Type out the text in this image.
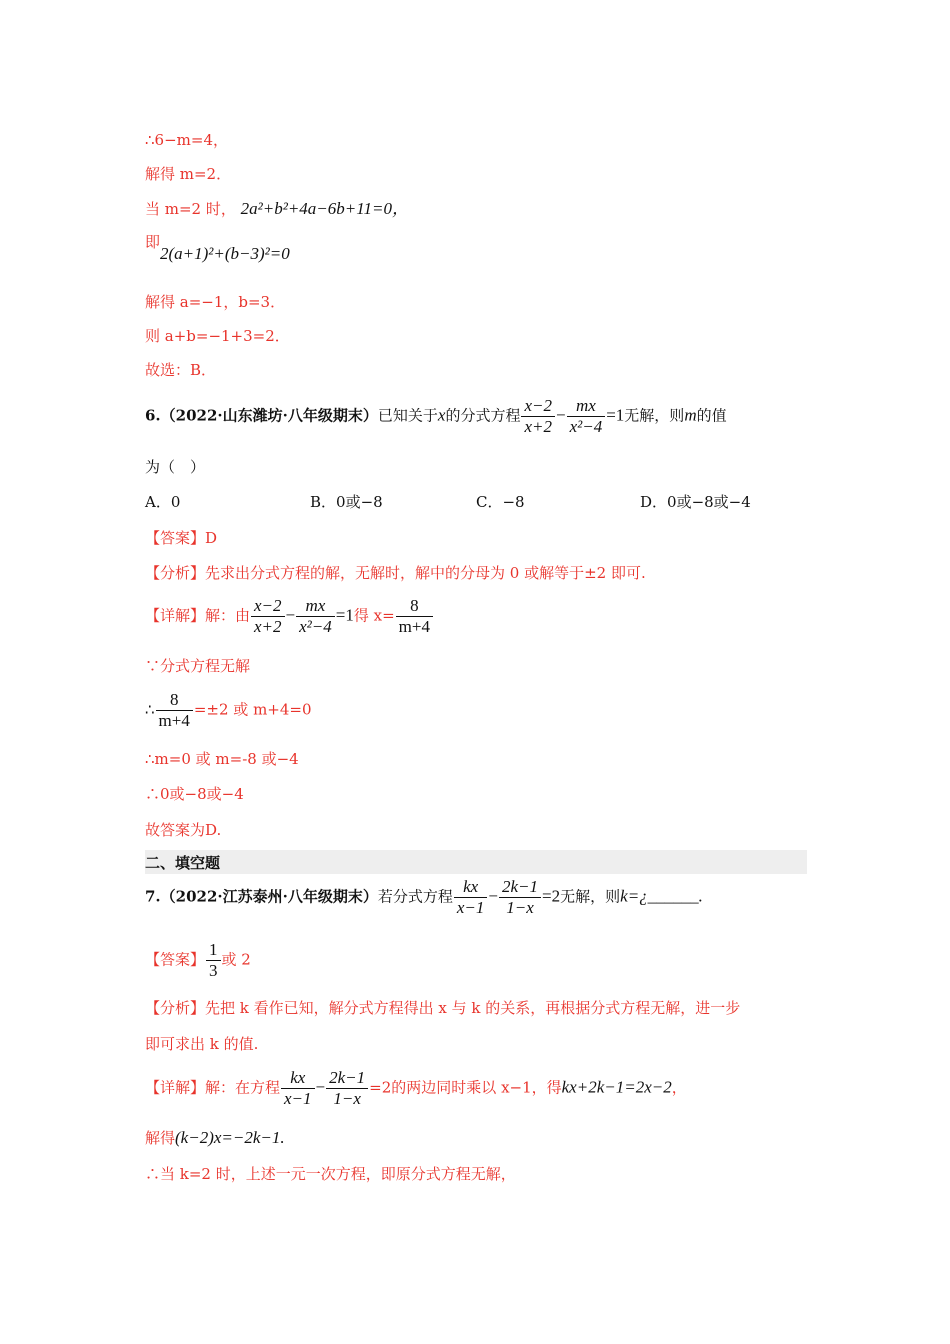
∴6−m=4，
解得 m=2．
当 m=2 时， 2a²+b²+4a−6b+11=0，
即
2(a+1)²+(b−3)²=0
解得 a=−1，b=3．
则 a+b=−1+3=2．
故选：B．
6.（2022·山东潍坊·八年级期末）已知关于x的分式方程 $\frac{x-2}{x+2} - \frac{mx}{\text{x²−4}} =1$无解，则m的值
为（　）
A．0	B．0或−8	C．−8	D．0或−8或−4
【答案】D
【分析】先求出分式方程的解，无解时，解中的分母为 0 或解等于±2 即可.
【详解】解：由 $\frac{x-2}{x+2} - \frac{mx}{\text{x²−4}} =1$得 $x= \frac{8}{m+4}$
∵分式方程无解
∴ $\frac{8}{m+4} =\pm 2$ 或 m+4=0
∴m=0 或 m=-8 或−4
∴0或−8或−4
故答案为D.
二、填空题
7.（2022·江苏泰州·八年级期末）若分式方程 $\frac{kx}{x-1} - \frac{2k-1}{1-x} =2$无解，则k=¿______.
【答案】 $\frac{1}{3}$ 或 2
【分析】先把 k 看作已知，解分式方程得出 x 与 k 的关系，再根据分式方程无解，进一步
即可求出 k 的值.
【详解】解：在方程 $\frac{kx}{x-1} - \frac{2k-1}{1-x} =2$的两边同时乘以 x−1，得kx+2k−1=2x−2，
解得(k−2)x=−2k−1.
∴当 k=2 时，上述一元一次方程，即原分式方程无解，
